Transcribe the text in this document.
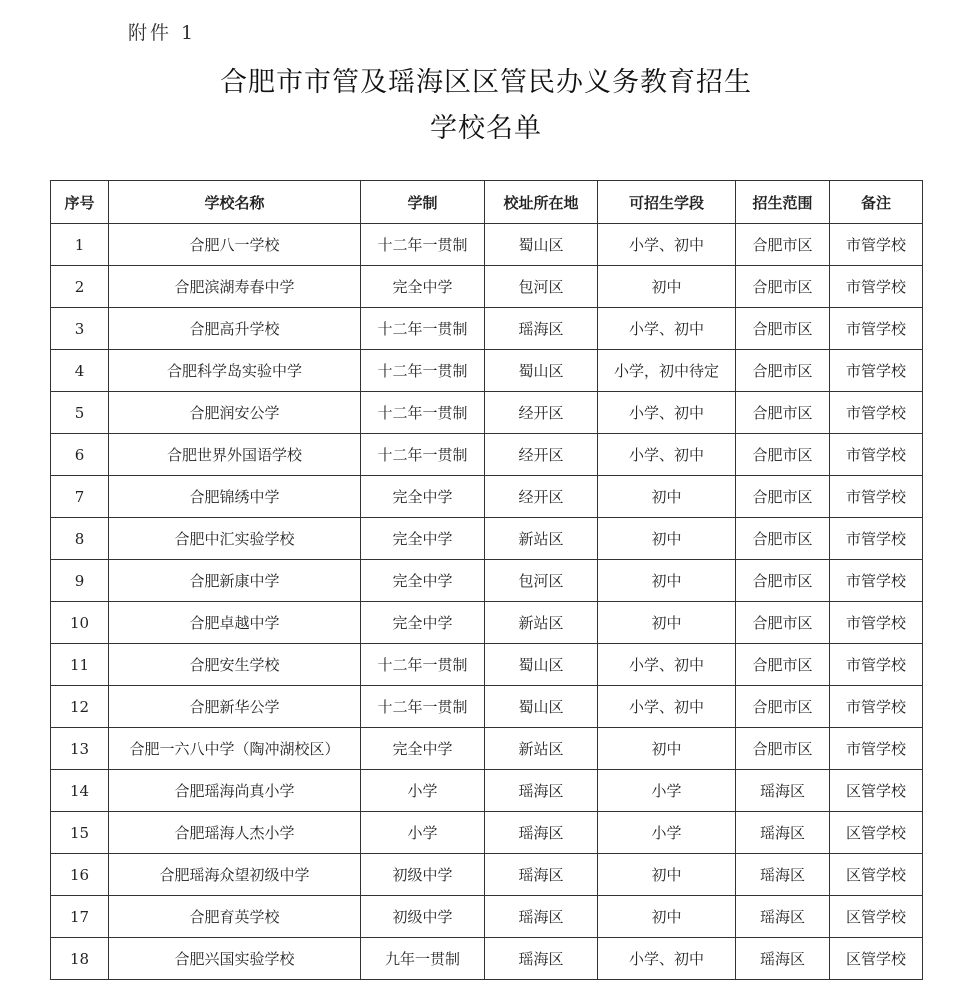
附件 1
合肥市市管及瑶海区区管民办义务教育招生
学校名单
序号	学校名称	学制	校址所在地	可招生学段	招生范围	备注
1	合肥八一学校	十二年一贯制	蜀山区	小学、初中	合肥市区	市管学校
2	合肥滨湖寿春中学	完全中学	包河区	初中	合肥市区	市管学校
3	合肥高升学校	十二年一贯制	瑶海区	小学、初中	合肥市区	市管学校
4	合肥科学岛实验中学	十二年一贯制	蜀山区	小学，初中待定	合肥市区	市管学校
5	合肥润安公学	十二年一贯制	经开区	小学、初中	合肥市区	市管学校
6	合肥世界外国语学校	十二年一贯制	经开区	小学、初中	合肥市区	市管学校
7	合肥锦绣中学	完全中学	经开区	初中	合肥市区	市管学校
8	合肥中汇实验学校	完全中学	新站区	初中	合肥市区	市管学校
9	合肥新康中学	完全中学	包河区	初中	合肥市区	市管学校
10	合肥卓越中学	完全中学	新站区	初中	合肥市区	市管学校
11	合肥安生学校	十二年一贯制	蜀山区	小学、初中	合肥市区	市管学校
12	合肥新华公学	十二年一贯制	蜀山区	小学、初中	合肥市区	市管学校
13	合肥一六八中学（陶冲湖校区）	完全中学	新站区	初中	合肥市区	市管学校
14	合肥瑶海尚真小学	小学	瑶海区	小学	瑶海区	区管学校
15	合肥瑶海人杰小学	小学	瑶海区	小学	瑶海区	区管学校
16	合肥瑶海众望初级中学	初级中学	瑶海区	初中	瑶海区	区管学校
17	合肥育英学校	初级中学	瑶海区	初中	瑶海区	区管学校
18	合肥兴国实验学校	九年一贯制	瑶海区	小学、初中	瑶海区	区管学校
